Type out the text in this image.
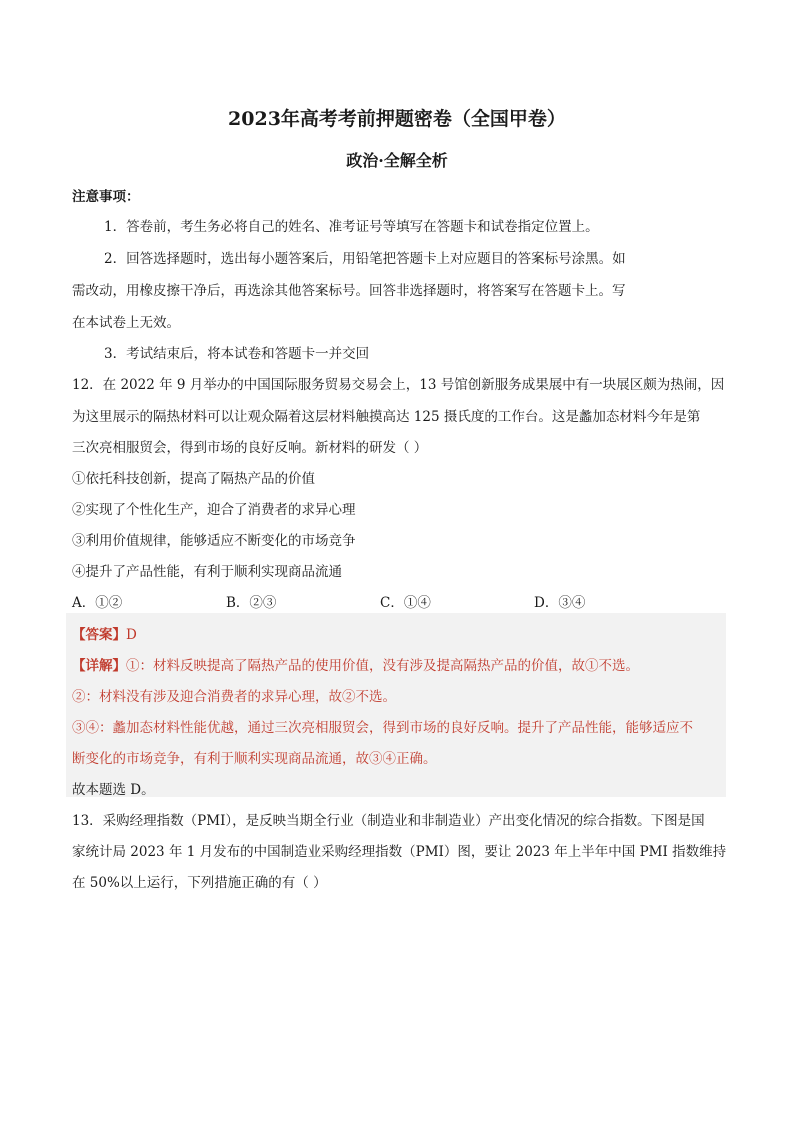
2023年高考考前押题密卷（全国甲卷）
政治·全解全析
注意事项：
1．答卷前，考生务必将自己的姓名、准考证号等填写在答题卡和试卷指定位置上。
2．回答选择题时，选出每小题答案后，用铅笔把答题卡上对应题目的答案标号涂黑。如
需改动，用橡皮擦干净后，再选涂其他答案标号。回答非选择题时，将答案写在答题卡上。写
在本试卷上无效。
3．考试结束后，将本试卷和答题卡一并交回
12．在 2022 年 9 月举办的中国国际服务贸易交易会上，13 号馆创新服务成果展中有一块展区颇为热闹，因
为这里展示的隔热材料可以让观众隔着这层材料触摸高达 125 摄氏度的工作台。这是蠡加态材料今年是第
三次亮相服贸会，得到市场的良好反响。新材料的研发（ ）
①依托科技创新，提高了隔热产品的价值
②实现了个性化生产，迎合了消费者的求异心理
③利用价值规律，能够适应不断变化的市场竞争
④提升了产品性能，有利于顺利实现商品流通
A．①②	B．②③	C．①④	D．③④
【答案】D
【详解】①：材料反映提高了隔热产品的使用价值，没有涉及提高隔热产品的价值，故①不选。
②：材料没有涉及迎合消费者的求异心理，故②不选。
③④：蠡加态材料性能优越，通过三次亮相服贸会，得到市场的良好反响。提升了产品性能，能够适应不
断变化的市场竞争，有利于顺利实现商品流通，故③④正确。
故本题选 D。
13．采购经理指数（PMI），是反映当期全行业（制造业和非制造业）产出变化情况的综合指数。下图是国
家统计局 2023 年 1 月发布的中国制造业采购经理指数（PMI）图，要让 2023 年上半年中国 PMI 指数维持
在 50%以上运行，下列措施正确的有（ ）
